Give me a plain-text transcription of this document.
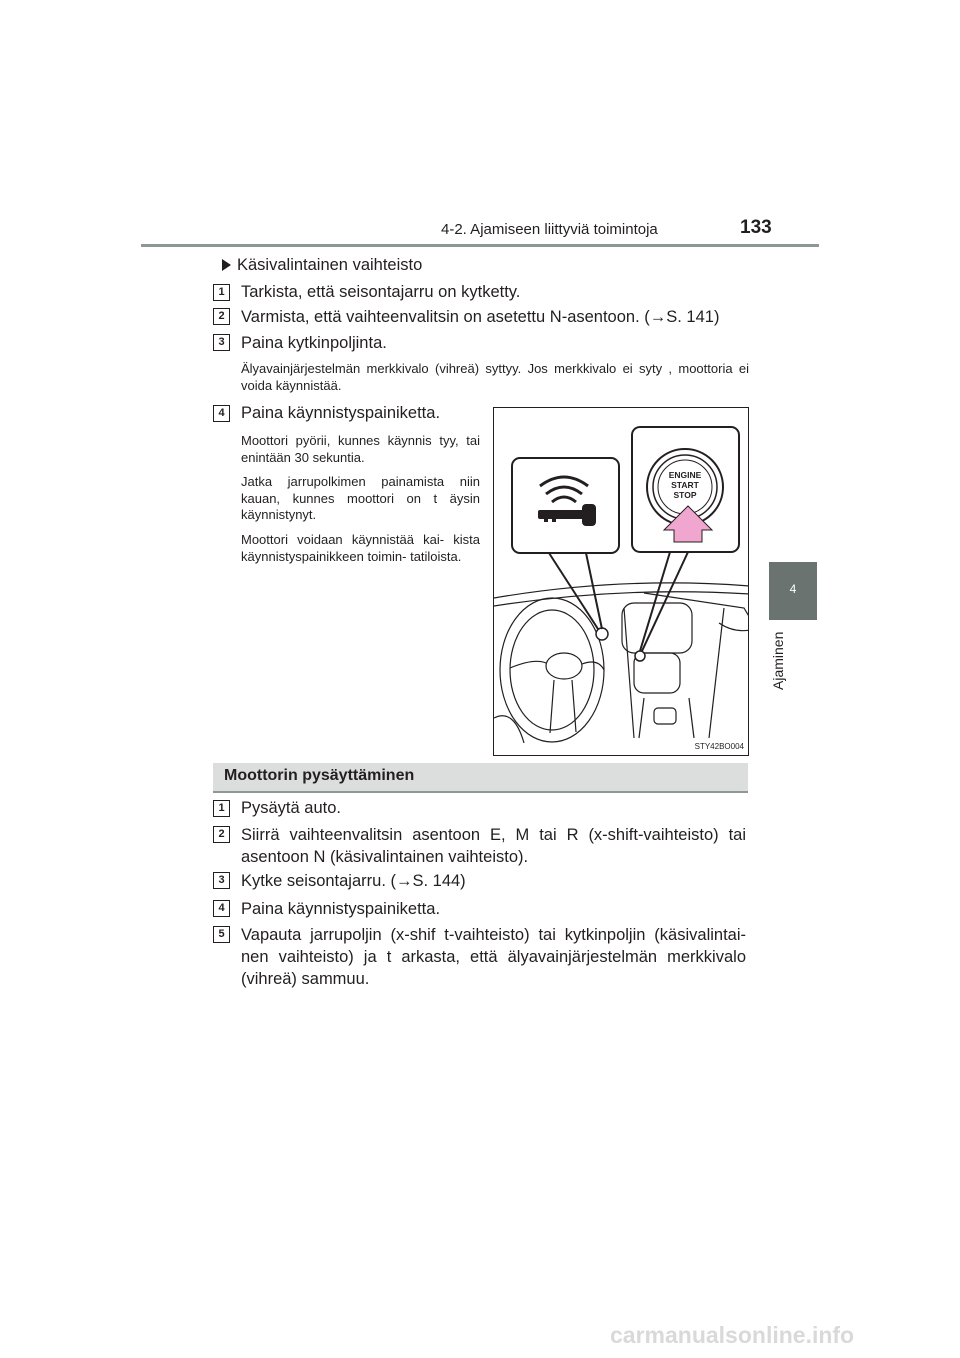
4-2. Ajamiseen liittyviä toimintoja	133
4
Ajaminen
Käsivalintainen vaihteisto
1 Tarkista, että seisontajarru on kytketty.
2 Varmista, että vaihteenvalitsin on asetettu N-asentoon. (→S. 141)
3 Paina kytkinpoljinta.
Älyavainjärjestelmän merkkivalo (vihreä) syttyy. Jos merkkivalo ei syty , moottoria ei voida käynnistää.
4 Paina käynnistyspainiketta.
Moottori pyörii, kunnes käynnis tyy, tai enintään 30 sekuntia.
Jatka jarrupolkimen painamista niin kauan, kunnes moottori on t äysin käynnistynyt.
Moottori voidaan käynnistää kai- kista käynnistyspainikkeen toimin- tatiloista.
ENGINE
START
STOP
STY42BO004
Moottorin pysäyttäminen
1 Pysäytä auto.
2 Siirrä vaihteenvalitsin asentoon E, M tai R (x-shift-vaihteisto) tai asentoon N (käsivalintainen vaihteisto).
3 Kytke seisontajarru. (→S. 144)
4 Paina käynnistyspainiketta.
5 Vapauta jarrupoljin (x-shif t-vaihteisto) tai kytkinpoljin (käsivalintai- nen vaihteisto) ja t arkasta, että älyavainjärjestelmän merkkivalo (vihreä) sammuu.
carmanualsonline.info
